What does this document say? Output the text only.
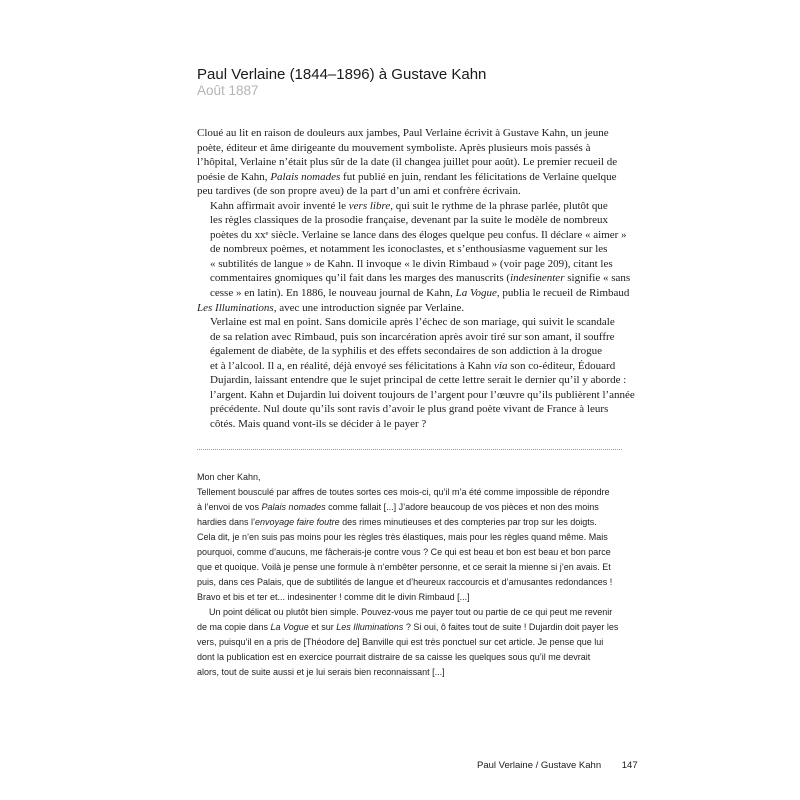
Paul Verlaine (1844–1896) à Gustave Kahn
Août 1887

Cloué au lit en raison de douleurs aux jambes, Paul Verlaine écrivit à Gustave Kahn, un jeune
poète, éditeur et âme dirigeante du mouvement symboliste. Après plusieurs mois passés à
l’hôpital, Verlaine n’était plus sûr de la date (il changea juillet pour août). Le premier recueil de
poésie de Kahn, Palais nomades fut publié en juin, rendant les félicitations de Verlaine quelque
peu tardives (de son propre aveu) de la part d’un ami et confrère écrivain.

Kahn affirmait avoir inventé le vers libre, qui suit le rythme de la phrase parlée, plutôt que
les règles classiques de la prosodie française, devenant par la suite le modèle de nombreux
poètes du xxᵉ siècle. Verlaine se lance dans des éloges quelque peu confus. Il déclare « aimer »
de nombreux poèmes, et notamment les iconoclastes, et s’enthousiasme vaguement sur les
« subtilités de langue » de Kahn. Il invoque « le divin Rimbaud » (voir page 209), citant les
commentaires gnomiques qu’il fait dans les marges des manuscrits (indesinenter signifie « sans
cesse » en latin). En 1886, le nouveau journal de Kahn, La Vogue, publia le recueil de Rimbaud
Les Illuminations, avec une introduction signée par Verlaine.

Verlaine est mal en point. Sans domicile après l’échec de son mariage, qui suivit le scandale
de sa relation avec Rimbaud, puis son incarcération après avoir tiré sur son amant, il souffre
également de diabète, de la syphilis et des effets secondaires de son addiction à la drogue
et à l’alcool. Il a, en réalité, déjà envoyé ses félicitations à Kahn via son co-éditeur, Édouard
Dujardin, laissant entendre que le sujet principal de cette lettre serait le dernier qu’il y aborde :
l’argent. Kahn et Dujardin lui doivent toujours de l’argent pour l’œuvre qu’ils publièrent l’année
précédente. Nul doute qu’ils sont ravis d’avoir le plus grand poète vivant de France à leurs
côtés. Mais quand vont-ils se décider à le payer ?

Mon cher Kahn,
Tellement bousculé par affres de toutes sortes ces mois-ci, qu’il m’a été comme impossible de répondre
à l’envoi de vos Palais nomades comme fallait [...] J’adore beaucoup de vos pièces et non des moins
hardies dans l’envoyage faire foutre des rimes minutieuses et des compteries par trop sur les doigts.
Cela dit, je n’en suis pas moins pour les règles très élastiques, mais pour les règles quand même. Mais
pourquoi, comme d’aucuns, me fâcherais-je contre vous ? Ce qui est beau et bon est beau et bon parce
que et quoique. Voilà je pense une formule à n’embêter personne, et ce serait la mienne si j’en avais. Et
puis, dans ces Palais, que de subtilités de langue et d’heureux raccourcis et d’amusantes redondances !
Bravo et bis et ter et... indesinenter ! comme dit le divin Rimbaud [...]
Un point délicat ou plutôt bien simple. Pouvez-vous me payer tout ou partie de ce qui peut me revenir
de ma copie dans La Vogue et sur Les Illuminations ? Si oui, ô faites tout de suite ! Dujardin doit payer les
vers, puisqu’il en a pris de [Théodore de] Banville qui est très ponctuel sur cet article. Je pense que lui
dont la publication est en exercice pourrait distraire de sa caisse les quelques sous qu’il me devrait
alors, tout de suite aussi et je lui serais bien reconnaissant [...]
Paul Verlaine / Gustave Kahn 147
